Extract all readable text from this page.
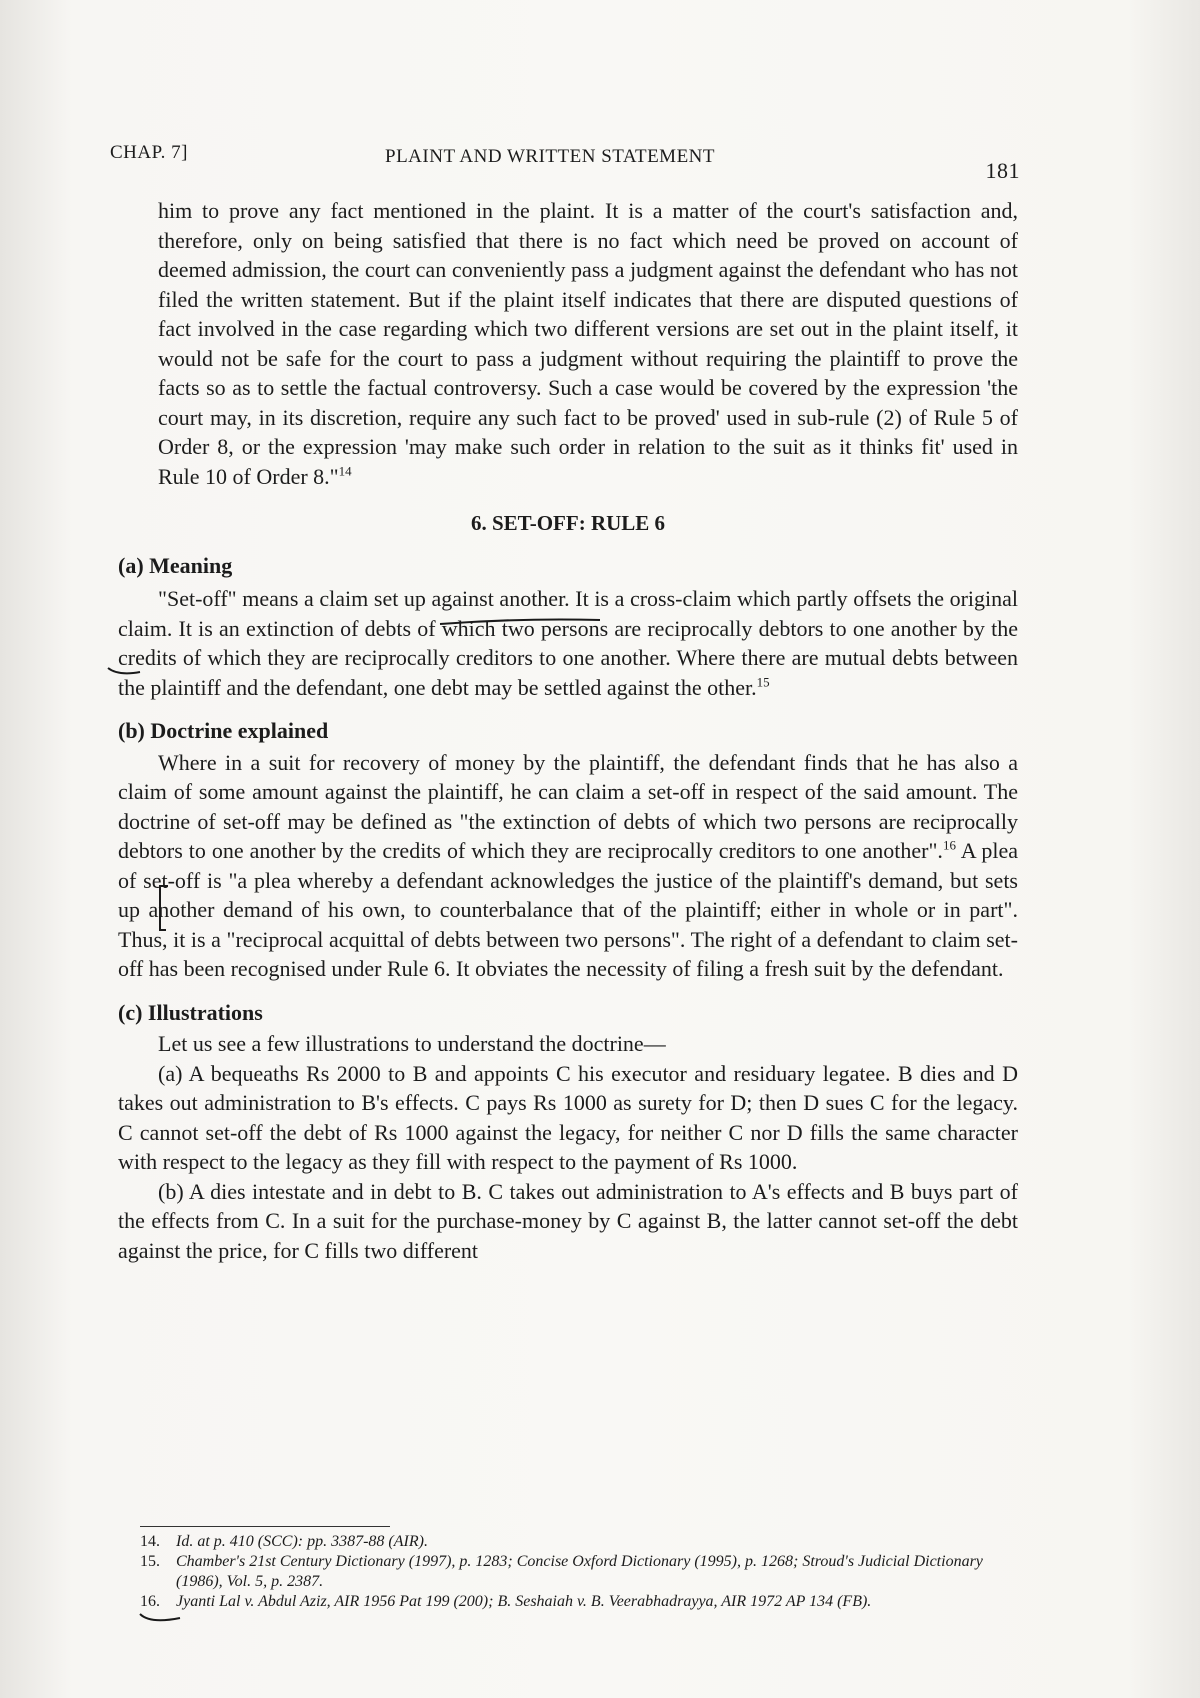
CHAP. 7]	PLAINT AND WRITTEN STATEMENT
181

him to prove any fact mentioned in the plaint. It is a matter of the court's satisfaction and, therefore, only on being satisfied that there is no fact which need be proved on account of deemed admission, the court can conveniently pass a judgment against the defendant who has not filed the written statement. But if the plaint itself indicates that there are disputed questions of fact involved in the case regarding which two different versions are set out in the plaint itself, it would not be safe for the court to pass a judgment without requiring the plaintiff to prove the facts so as to settle the factual controversy. Such a case would be covered by the expression 'the court may, in its discretion, require any such fact to be proved' used in sub-rule (2) of Rule 5 of Order 8, or the expression 'may make such order in relation to the suit as it thinks fit' used in Rule 10 of Order 8."$^{14}$

6. SET-OFF: RULE 6
(a) Meaning

"Set-off" means a claim set up against another. It is a cross-claim which partly offsets the original claim. It is an extinction of debts of which two persons are reciprocally debtors to one another by the credits of which they are reciprocally creditors to one another. Where there are mutual debts between the plaintiff and the defendant, one debt may be settled against the other.$^{15}$

(b) Doctrine explained

Where in a suit for recovery of money by the plaintiff, the defendant finds that he has also a claim of some amount against the plaintiff, he can claim a set-off in respect of the said amount. The doctrine of set-off may be defined as "the extinction of debts of which two persons are reciprocally debtors to one another by the credits of which they are reciprocally creditors to one another".$^{16}$ A plea of set-off is "a plea whereby a defendant acknowledges the justice of the plaintiff's demand, but sets up another demand of his own, to counterbalance that of the plaintiff; either in whole or in part". Thus, it is a "reciprocal acquittal of debts between two persons". The right of a defendant to claim set-off has been recognised under Rule 6. It obviates the necessity of filing a fresh suit by the defendant.

(c) Illustrations

Let us see a few illustrations to understand the doctrine—

(a) A bequeaths Rs 2000 to B and appoints C his executor and residuary legatee. B dies and D takes out administration to B's effects. C pays Rs 1000 as surety for D; then D sues C for the legacy. C cannot set-off the debt of Rs 1000 against the legacy, for neither C nor D fills the same character with respect to the legacy as they fill with respect to the payment of Rs 1000.

(b) A dies intestate and in debt to B. C takes out administration to A's effects and B buys part of the effects from C. In a suit for the purchase-money by C against B, the latter cannot set-off the debt against the price, for C fills two different

14.	Id. at p. 410 (SCC): pp. 3387-88 (AIR).
15.	Chamber's 21st Century Dictionary (1997), p. 1283; Concise Oxford Dictionary (1995), p. 1268; Stroud's Judicial Dictionary (1986), Vol. 5, p. 2387.
16.	Jyanti Lal v. Abdul Aziz, AIR 1956 Pat 199 (200); B. Seshaiah v. B. Veerabhadrayya, AIR 1972 AP 134 (FB).
